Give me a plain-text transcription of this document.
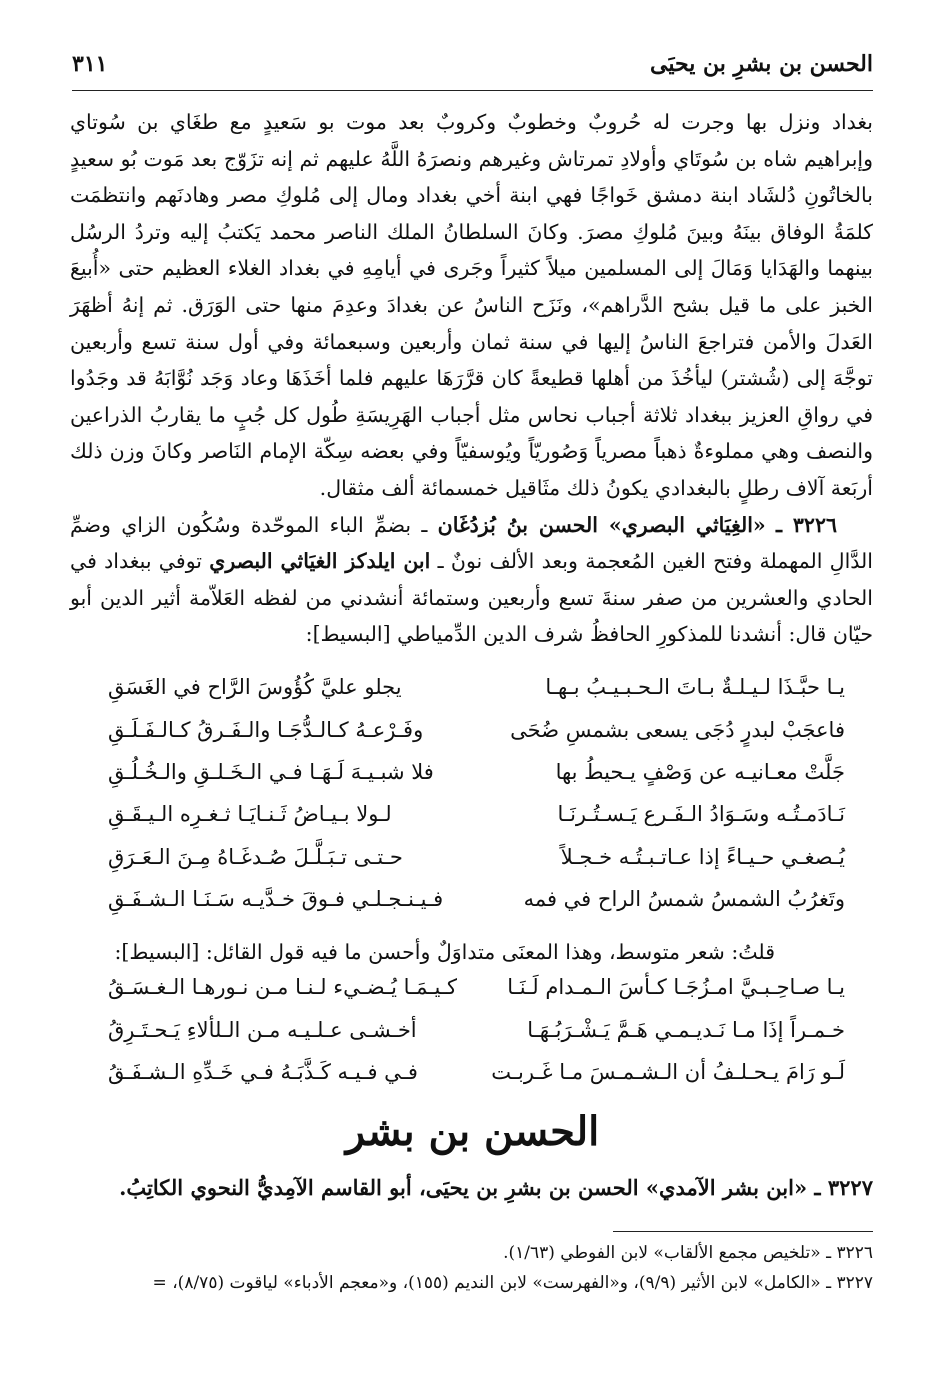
الحسن بن بشرِ بن يحيَى
٣١١

بغداد ونزل بها وجرت له حُروبٌ وخطوبٌ وكروبٌ بعد موت بو سَعيدٍ مع طغَاي بن سُوتاي وإبراهيم شاه بن سُوتَاي وأولادِ تمرتاش وغيرهم ونصرَهُ اللَّهُ عليهم ثم إنه تزَوّج بعد مَوت بُو سعيدٍ بالخاتُونِ دُلشَاد ابنة دمشق خَواجًا فهي ابنة أخي بغداد ومال إلى مُلوكِ مصر وهادنَهم وانتظمَت كلمَةُ الوفاق بينَهُ وبينَ مُلوكِ مصرَ. وكانَ السلطانُ الملك الناصر محمد يَكتبُ إليه وتردُ الرسُل بينهما والهَدَايا وَمَالَ إلى المسلمين ميلاً كثيراً وجَرى في أيامِهِ في بغداد الغلاء العظيم حتى «أُبيعَ الخبز على ما قيل بشح الدَّراهم»، ونَزَح الناسُ عن بغدادَ وعدِمَ منها حتى الوَرَق. ثم إنهُ أظهَرَ العَدلَ والأمن فتراجعَ الناسُ إليها في سنة ثمان وأربعين وسبعمائة وفي أول سنة تسع وأربعين توجَّهَ إلى (شُشتر) ليأخُذَ من أهلها قطيعةً كان قرَّرَهَا عليهم فلما أخَذَهَا وعاد وَجَد نُوَّابَهُ قد وجَدُوا في رواقِ العزيز ببغداد ثلاثة أجباب نحاس مثل أجباب الهَرِيسَةِ طُول كل جُبٍ ما يقاربُ الذراعين والنصف وهي مملوءةٌ ذهباً مصرياً وَصُوريّاً ويُوسفيّاً وفي بعضه سِكّة الإمام النَاصر وكانَ وزن ذلك أربَعة آلاف رطلٍ بالبغدادي يكونُ ذلك مثَاقيل خمسمائة ألف مثقال.

٣٢٢٦ ـ «الغِيَاثي البصري» الحسن بنُ بُزدُغَان ـ بضمِّ الباء الموحّدة وسُكُون الزاي وضمِّ الدَّالِ المهملة وفتح الغين المُعجمة وبعد الألف نونٌ ـ ابن ايلدكز الغيَاثي البصري توفي ببغداد في الحادي والعشرين من صفر سنةَ تسع وأربعين وستمائة أنشدني من لفظه العَلاّمة أثير الدين أبو حيّان قال: أنشدنا للمذكورِ الحافظُ شرف الدين الدِّمياطي [البسيط]:

يـا حبَّـذَا لـيـلـةٌ بـاتَ الـحـبـيـبُ بـهـا
يجلو عليَّ كُؤُوسَ الرَّاح في الغَسَقِ
فاعجَبْ لبدرٍ دُجَى يسعى بشمسِ ضُحَى
وفَـرْعـهُ كـالـدُّجَـا والـفَـرقُ كـالـفَـلَـقِ
جَلَّتْ معـانيـه عن وَصْفٍ يـحيطُ بها
فلا شبـيـهَ لَـهَـا فـي الـخَـلـقِ والـخُـلُـقِ
نَـادَمـتُـه وسَـوَادُ الـفَـرع يَـسـتُـرنَـا
لـولا بـيـاضُ ثَـنـايَـا ثـغـرِه الـيـقَـقِ
يُـصغـي حـيـاءً إذا عـاتـبـتُـه خـجـلاً
حـتـى تـبَـلَّـلَ صُـدغَـاهُ مِـنَ الـعَـرَقِ
وتَغرُبُ الشمسُ شمسُ الراح في فمه
فـيـنـجـلـي فـوقَ خـدَّيـه سَـنَـا الـشـفَـقِ
قلتُ: شعر متوسط، وهذا المعنَى متداوَلٌ وأحسن ما فيه قول القائل: [البسيط]:
يـا صـاحِـبـيَّ امـزُجَـا كـأسَ الـمـدام لَـنَـا
كـيـمَـا يُـضـيء لـنـا مـن نـورهـا الـغـسَـقُ
خـمـراً إذَا مـا نَـديـمـي هَـمَّ يَـشْـرَبُـهَـا
أخـشـى عـلـيـه مـن الـلألاءِ يَـحـتَـرِقُ
لَـو رَامَ يـحـلـفُ أن الـشـمـسَ مـا غَـربـت
فـي فـيـه كَـذَّبَـهُ فـي خَـدِّهِ الـشـفَـقُ
الحسن بن بشر
٣٢٢٧ ـ «ابن بشر الآمدي» الحسن بن بشرِ بن يحيَى، أبو القاسم الآمِديُّ النحوي الكاتِبُ.

٣٢٢٦ ـ «تلخيص مجمع الألقاب» لابن الفوطي (١/٦٣).

٣٢٢٧ ـ «الكامل» لابن الأثير (٩/٩)، و«الفهرست» لابن النديم (١٥٥)، و«معجم الأدباء» لياقوت (٨/٧٥)، =
